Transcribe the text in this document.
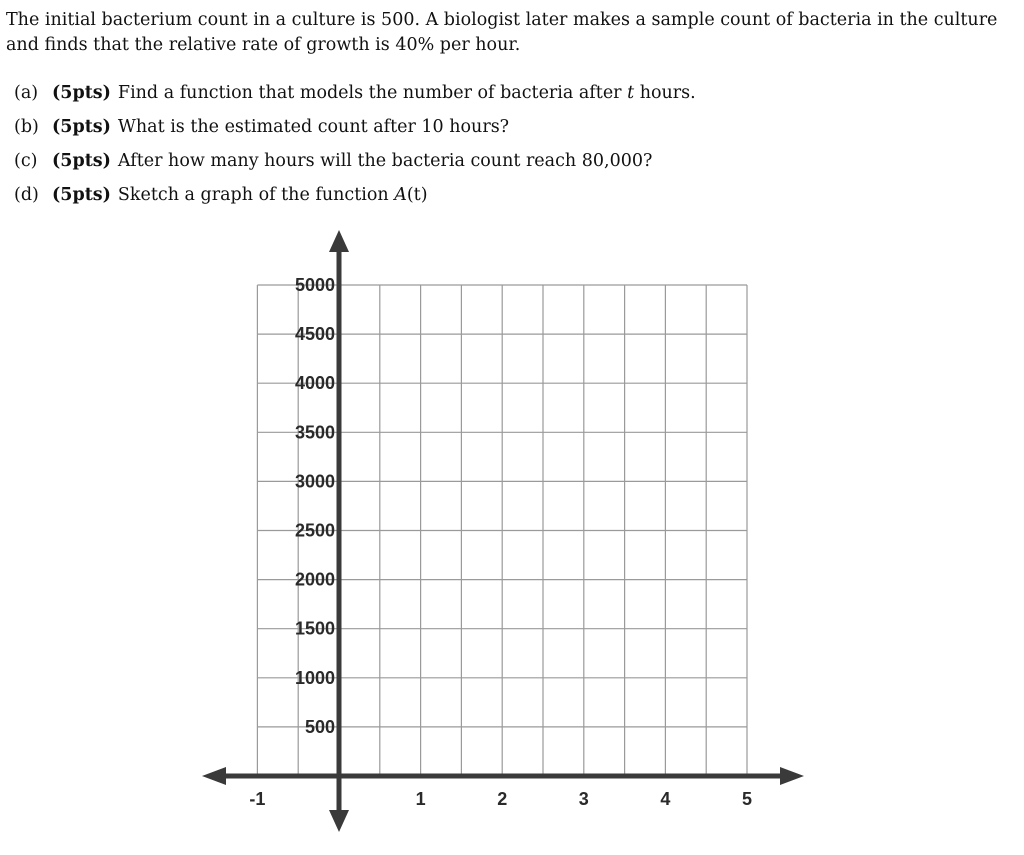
The initial bacterium count in a culture is 500. A biologist later makes a sample count of bacteria in the culture and finds that the relative rate of growth is 40% per hour.
(a) (5pts) Find a function that models the number of bacteria after t hours.
(b) (5pts) What is the estimated count after 10 hours?
(c) (5pts) After how many hours will the bacteria count reach 80,000?
(d) (5pts) Sketch a graph of the function A(t)
500
1000
1500
2000
2500
3000
3500
4000
4500
5000
-1	1	2	3	4	5
